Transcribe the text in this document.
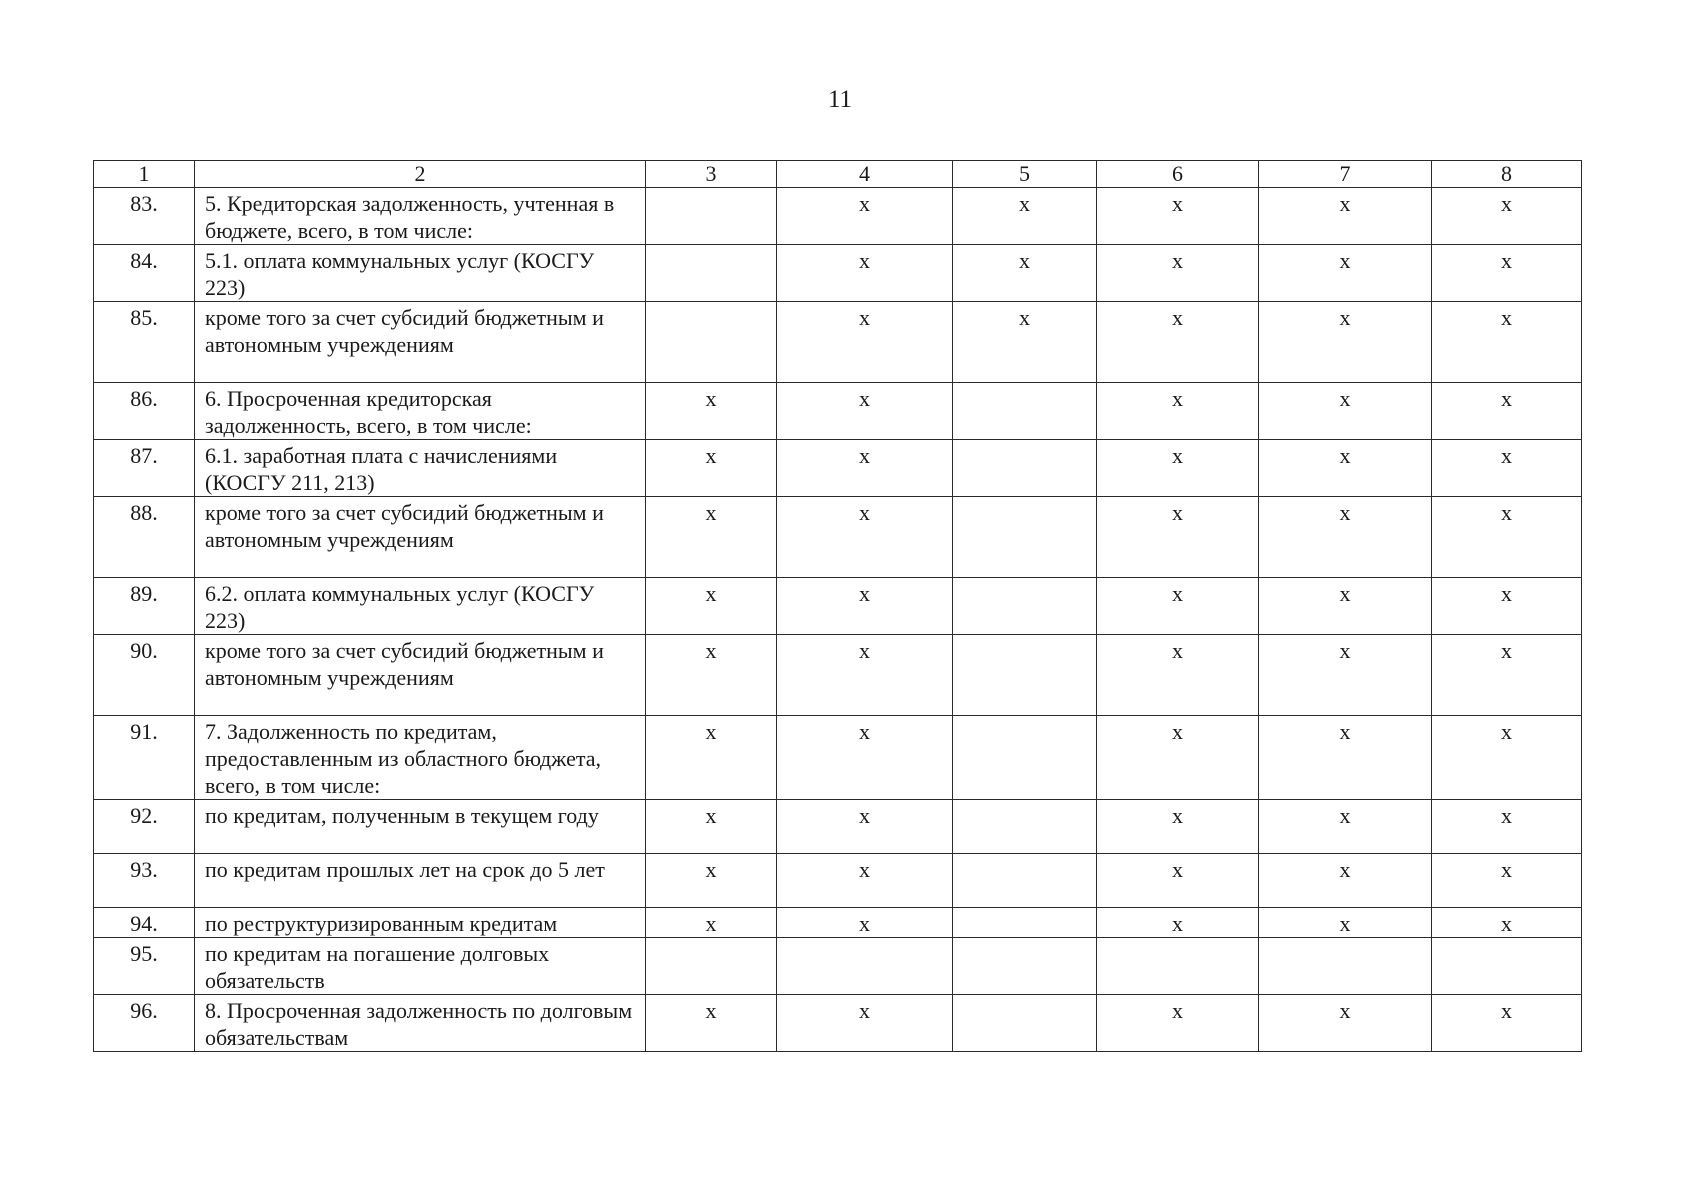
11
1	2	3	4	5	6	7	8
83.	5. Кредиторская задолженность, учтенная в бюджете, всего, в том числе:		x	x	x	x	x
84.	5.1. оплата коммунальных услуг (КОСГУ 223)		x	x	x	x	x
85.	кроме того за счет субсидий бюджетным и автономным учреждениям		x	x	x	x	x
86.	6. Просроченная кредиторская задолженность, всего, в том числе:	x	x		x	x	x
87.	6.1. заработная плата с начислениями (КОСГУ 211, 213)	x	x		x	x	x
88.	кроме того за счет субсидий бюджетным и автономным учреждениям	x	x		x	x	x
89.	6.2. оплата коммунальных услуг (КОСГУ 223)	x	x		x	x	x
90.	кроме того за счет субсидий бюджетным и автономным учреждениям	x	x		x	x	x
91.	7. Задолженность по кредитам, предоставленным из областного бюджета, всего, в том числе:	x	x		x	x	x
92.	по кредитам, полученным в текущем году	x	x		x	x	x
93.	по кредитам прошлых лет на срок до 5 лет	x	x		x	x	x
94.	по реструктуризированным кредитам	x	x		x	x	x
95.	по кредитам на погашение долговых обязательств						
96.	8. Просроченная задолженность по долговым обязательствам	x	x		x	x	x
